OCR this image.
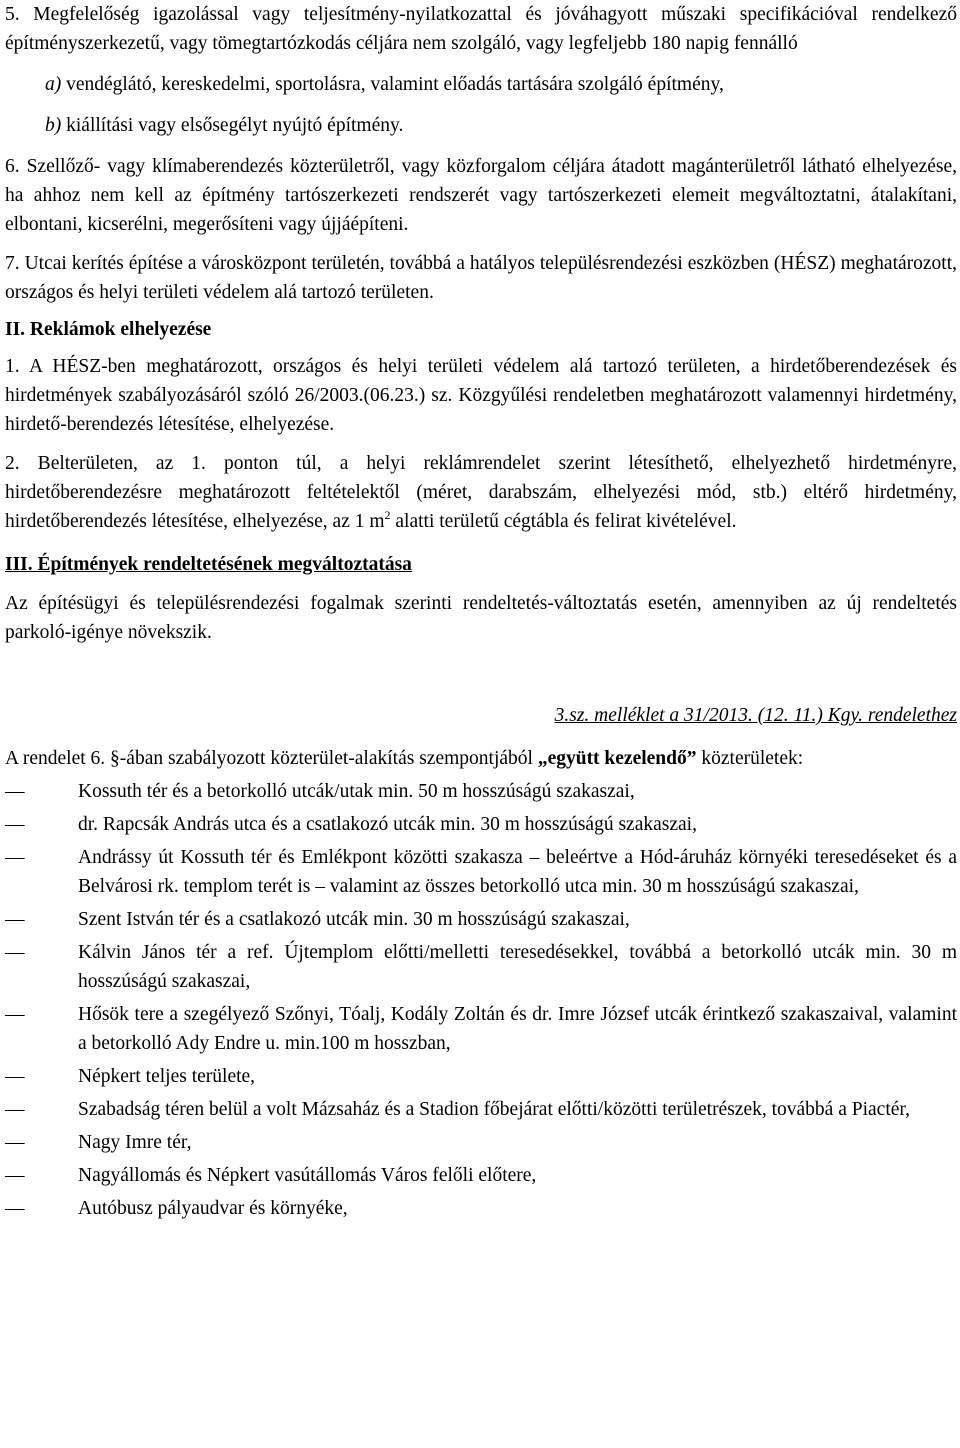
5. Megfelelőség igazolással vagy teljesítmény-nyilatkozattal és jóváhagyott műszaki specifikációval rendelkező építményszerkezetű, vagy tömegtartózkodás céljára nem szolgáló, vagy legfeljebb 180 napig fennálló

a) vendéglátó, kereskedelmi, sportolásra, valamint előadás tartására szolgáló építmény,

b) kiállítási vagy elsősegélyt nyújtó építmény.

6. Szellőző- vagy klímaberendezés közterületről, vagy közforgalom céljára átadott magánterületről látható elhelyezése, ha ahhoz nem kell az építmény tartószerkezeti rendszerét vagy tartószerkezeti elemeit megváltoztatni, átalakítani, elbontani, kicserélni, megerősíteni vagy újjáépíteni.

7. Utcai kerítés építése a városközpont területén, továbbá a hatályos településrendezési eszközben (HÉSZ) meghatározott, országos és helyi területi védelem alá tartozó területen.

II. Reklámok elhelyezése

1. A HÉSZ-ben meghatározott, országos és helyi területi védelem alá tartozó területen, a hirdetőberendezések és hirdetmények szabályozásáról szóló 26/2003.(06.23.) sz. Közgyűlési rendeletben meghatározott valamennyi hirdetmény, hirdető-berendezés létesítése, elhelyezése.

2. Belterületen, az 1. ponton túl, a helyi reklámrendelet szerint létesíthető, elhelyezhető hirdetményre, hirdetőberendezésre meghatározott feltételektől (méret, darabszám, elhelyezési mód, stb.) eltérő hirdetmény, hirdetőberendezés létesítése, elhelyezése, az 1 $m^2$ alatti területű cégtábla és felirat kivételével.

III. Építmények rendeltetésének megváltoztatása

Az építésügyi és településrendezési fogalmak szerinti rendeltetés-változtatás esetén, amennyiben az új rendeltetés parkoló-igénye növekszik.

3.sz. melléklet a 31/2013. (12. 11.) Kgy. rendelethez

A rendelet 6. §-ában szabályozott közterület-alakítás szempontjából „együtt kezelendő” közterületek:

—	Kossuth tér és a betorkolló utcák/utak min. 50 m hosszúságú szakaszai,
—	dr. Rapcsák András utca és a csatlakozó utcák min. 30 m hosszúságú szakaszai,
—	Andrássy út Kossuth tér és Emlékpont közötti szakasza – beleértve a Hód-áruház környéki teresedéseket és a Belvárosi rk. templom terét is – valamint az összes betorkolló utca min. 30 m hosszúságú szakaszai,
—	Szent István tér és a csatlakozó utcák min. 30 m hosszúságú szakaszai,
—	Kálvin János tér a ref. Újtemplom előtti/melletti teresedésekkel, továbbá a betorkolló utcák min. 30 m hosszúságú szakaszai,
—	Hősök tere a szegélyező Szőnyi, Tóalj, Kodály Zoltán és dr. Imre József utcák érintkező szakaszaival, valamint a betorkolló Ady Endre u. min.100 m hosszban,
—	Népkert teljes területe,
—	Szabadság téren belül a volt Mázsaház és a Stadion főbejárat előtti/közötti területrészek, továbbá a Piactér,
—	Nagy Imre tér,
—	Nagyállomás és Népkert vasútállomás Város felőli előtere,
—	Autóbusz pályaudvar és környéke,
